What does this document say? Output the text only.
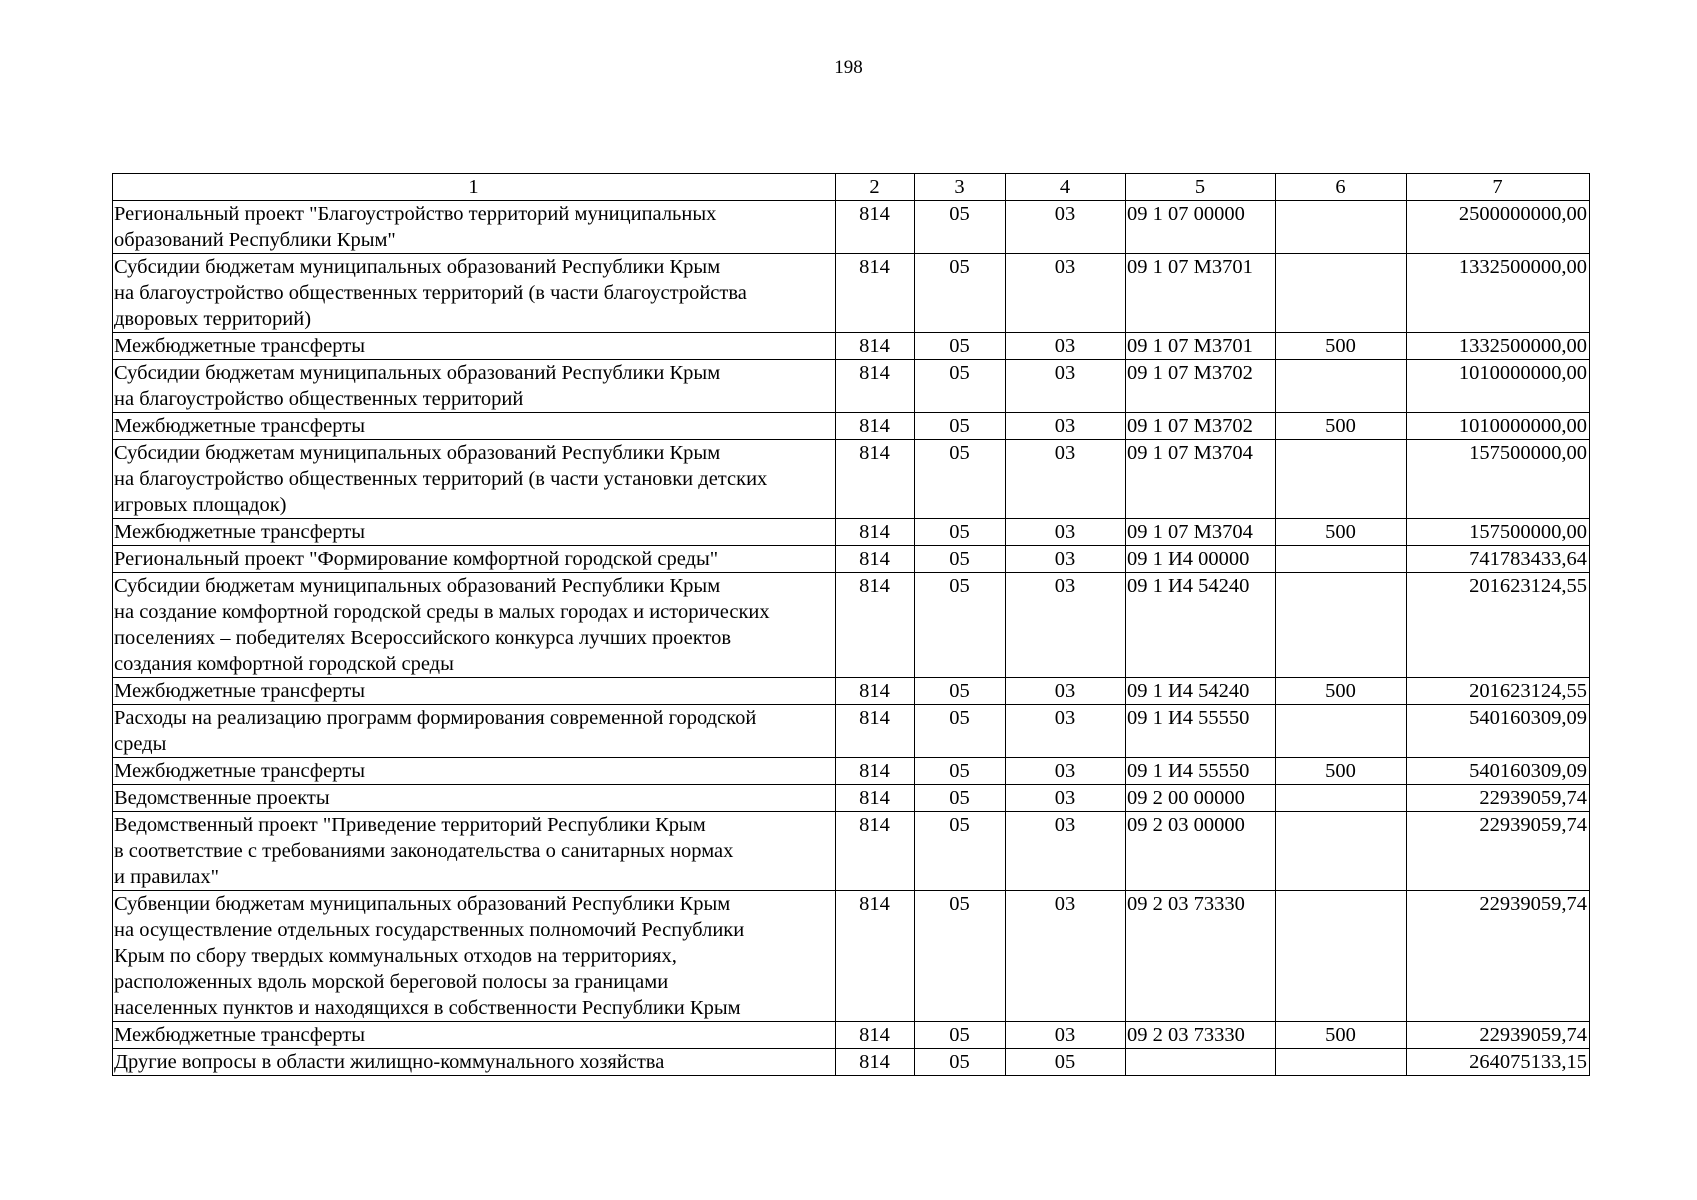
198
1	2	3	4	5	6	7

Региональный проект "Благоустройство территорий муниципальных
образований Республики Крым"	814	05	03	09 1 07 00000		2500000000,00

Субсидии бюджетам муниципальных образований Республики Крым
на благоустройство общественных территорий (в части благоустройства
дворовых территорий)	814	05	03	09 1 07 М3701		1332500000,00

Межбюджетные трансферты	814	05	03	09 1 07 М3701	500	1332500000,00

Субсидии бюджетам муниципальных образований Республики Крым
на благоустройство общественных территорий	814	05	03	09 1 07 М3702		1010000000,00

Межбюджетные трансферты	814	05	03	09 1 07 М3702	500	1010000000,00

Субсидии бюджетам муниципальных образований Республики Крым
на благоустройство общественных территорий (в части установки детских
игровых площадок)	814	05	03	09 1 07 М3704		157500000,00

Межбюджетные трансферты	814	05	03	09 1 07 М3704	500	157500000,00

Региональный проект "Формирование комфортной городской среды"	814	05	03	09 1 И4 00000		741783433,64

Субсидии бюджетам муниципальных образований Республики Крым
на создание комфортной городской среды в малых городах и исторических
поселениях – победителях Всероссийского конкурса лучших проектов
создания комфортной городской среды	814	05	03	09 1 И4 54240		201623124,55

Межбюджетные трансферты	814	05	03	09 1 И4 54240	500	201623124,55

Расходы на реализацию программ формирования современной городской
среды	814	05	03	09 1 И4 55550		540160309,09

Межбюджетные трансферты	814	05	03	09 1 И4 55550	500	540160309,09

Ведомственные проекты	814	05	03	09 2 00 00000		22939059,74

Ведомственный проект "Приведение территорий Республики Крым
в соответствие с требованиями законодательства о санитарных нормах
и правилах"	814	05	03	09 2 03 00000		22939059,74

Субвенции бюджетам муниципальных образований Республики Крым
на осуществление отдельных государственных полномочий Республики
Крым по сбору твердых коммунальных отходов на территориях,
расположенных вдоль морской береговой полосы за границами
населенных пунктов и находящихся в собственности Республики Крым	814	05	03	09 2 03 73330		22939059,74

Межбюджетные трансферты	814	05	03	09 2 03 73330	500	22939059,74

Другие вопросы в области жилищно-коммунального хозяйства	814	05	05			264075133,15
